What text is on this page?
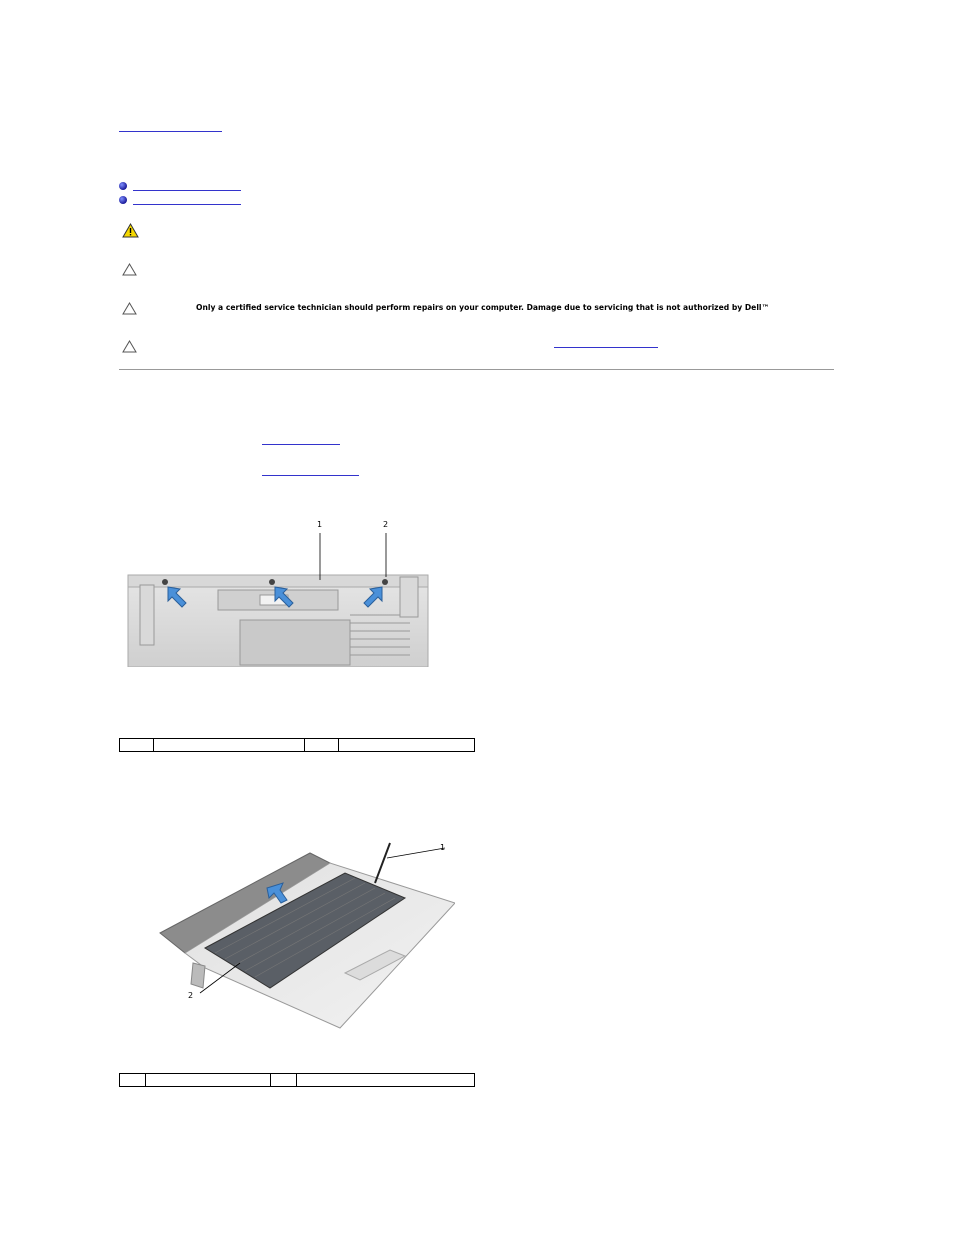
Only a certified service technician should perform repairs on your computer. Damage due to servicing that is not authorized by Dell™
1	2

1
2
